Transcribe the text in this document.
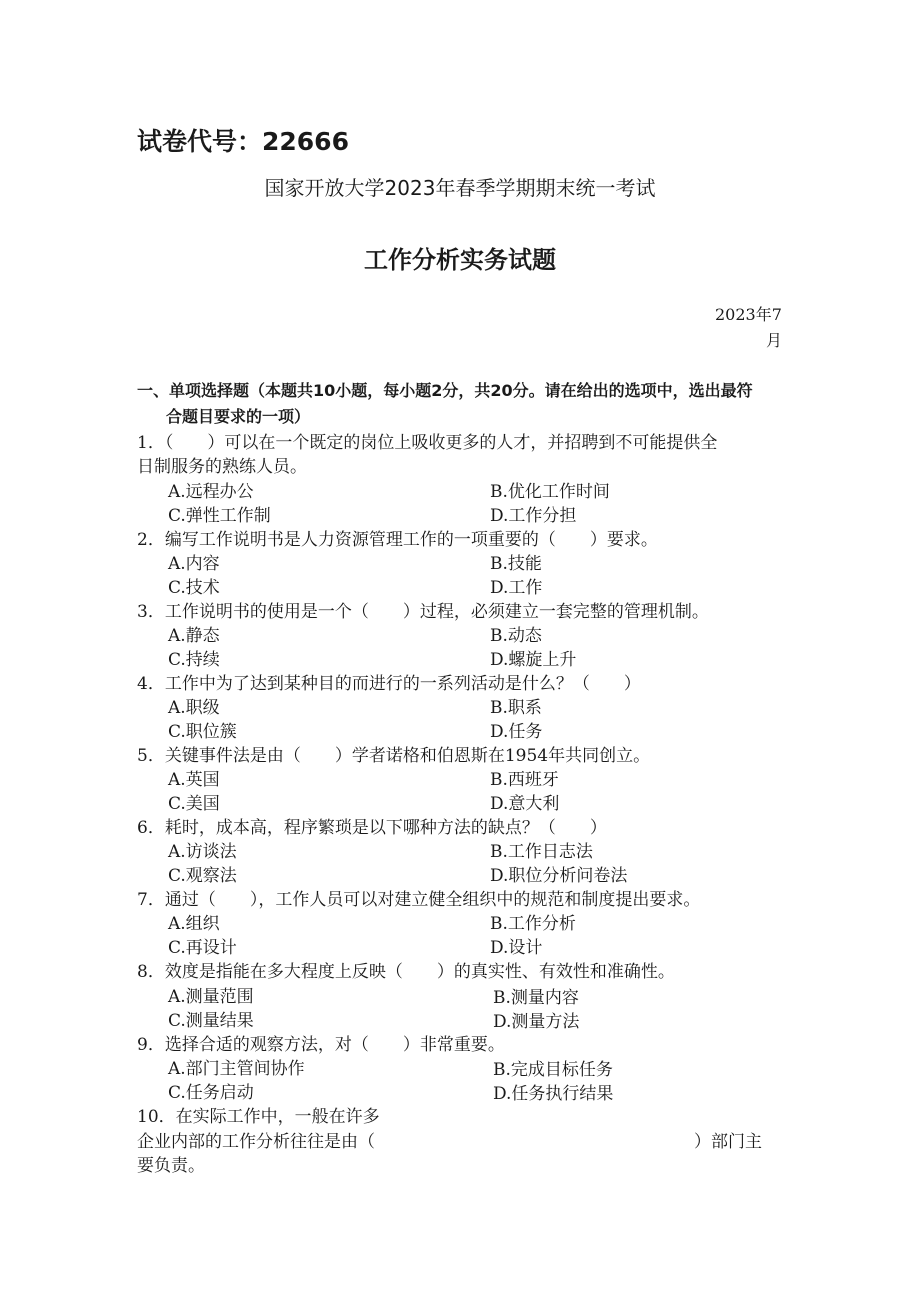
试卷代号：22666
国家开放大学2023年春季学期期末统一考试
工作分析实务试题
2023年7
月
一、单项选择题（本题共10小题，每小题2分，共20分。请在给出的选项中，选出最符
合题目要求的一项）
1．（　　）可以在一个既定的岗位上吸收更多的人才，并招聘到不可能提供全
日制服务的熟练人员。
A.远程办公	B.优化工作时间
C.弹性工作制	D.工作分担
2．编写工作说明书是人力资源管理工作的一项重要的（　　）要求。
A.内容	B.技能
C.技术	D.工作
3．工作说明书的使用是一个（　　）过程，必须建立一套完整的管理机制。
A.静态	B.动态
C.持续	D.螺旋上升
4．工作中为了达到某种目的而进行的一系列活动是什么？（　　）
A.职级	B.职系
C.职位簇	D.任务
5．关键事件法是由（　　）学者诺格和伯恩斯在1954年共同创立。
A.英国	B.西班牙
C.美国	D.意大利
6．耗时，成本高，程序繁琐是以下哪种方法的缺点？（　　）
A.访谈法	B.工作日志法
C.观察法	D.职位分析问卷法
7．通过（　　），工作人员可以对建立健全组织中的规范和制度提出要求。
A.组织	B.工作分析
C.再设计	D.设计
8．效度是指能在多大程度上反映（　　）的真实性、有效性和准确性。
A.测量范围	B.测量内容
C.测量结果	D.测量方法
9．选择合适的观察方法，对（　　）非常重要。
A.部门主管间协作	B.完成目标任务
C.任务启动	D.任务执行结果
10．在实际工作中，一般在许多
企业内部的工作分析往往是由（	）部门主
要负责。
